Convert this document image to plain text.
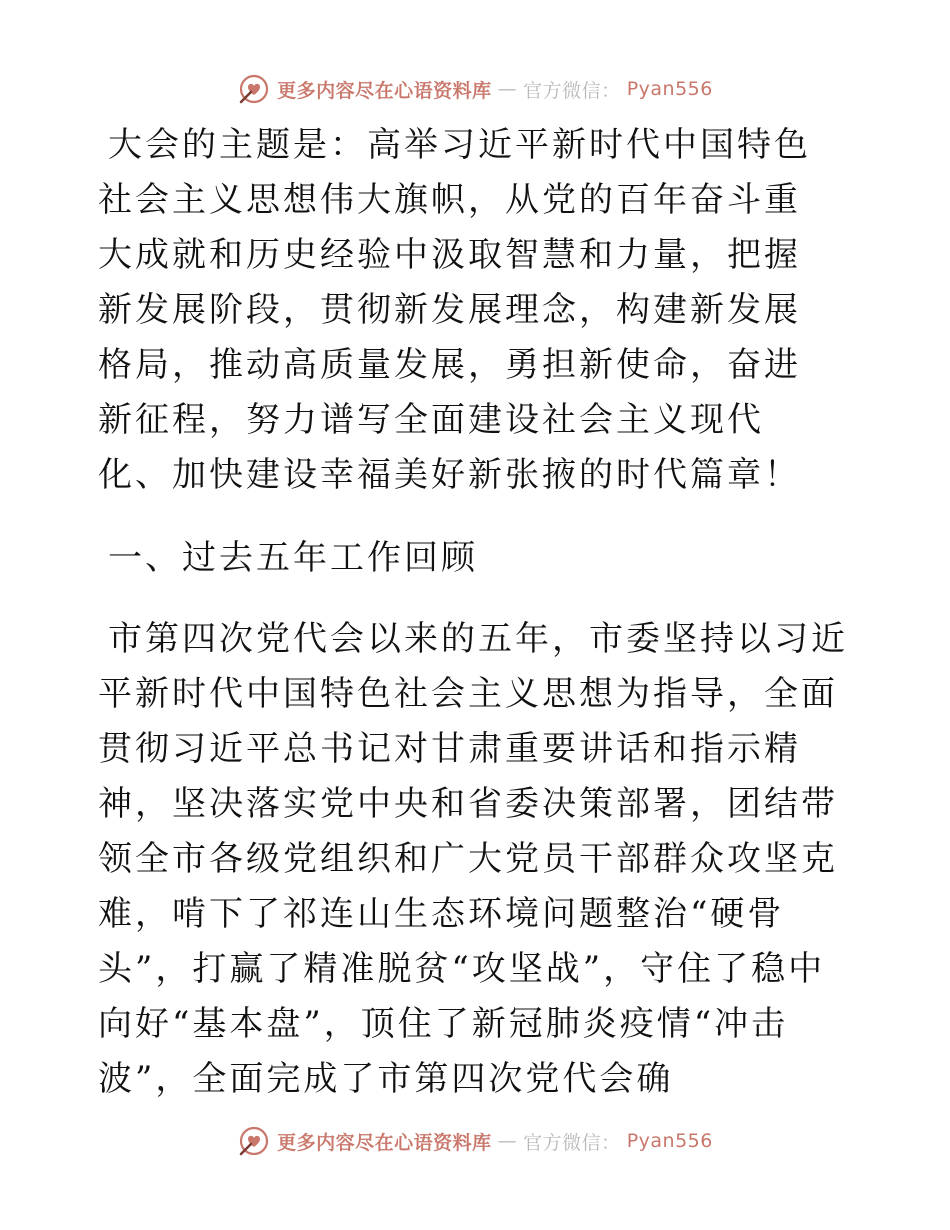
更多内容尽在心语资料库 — 官方微信： Pyan556

大会的主题是：高举习近平新时代中国特色社会主义思想伟大旗帜，从党的百年奋斗重大成就和历史经验中汲取智慧和力量，把握新发展阶段，贯彻新发展理念，构建新发展格局，推动高质量发展，勇担新使命，奋进新征程，努力谱写全面建设社会主义现代化、加快建设幸福美好新张掖的时代篇章！

一、过去五年工作回顾

市第四次党代会以来的五年，市委坚持以习近平新时代中国特色社会主义思想为指导，全面贯彻习近平总书记对甘肃重要讲话和指示精神，坚决落实党中央和省委决策部署，团结带领全市各级党组织和广大党员干部群众攻坚克难，啃下了祁连山生态环境问题整治“硬骨头”，打赢了精准脱贫“攻坚战”，守住了稳中向好“基本盘”，顶住了新冠肺炎疫情“冲击波”，全面完成了市第四次党代会确

更多内容尽在心语资料库 — 官方微信： Pyan556
